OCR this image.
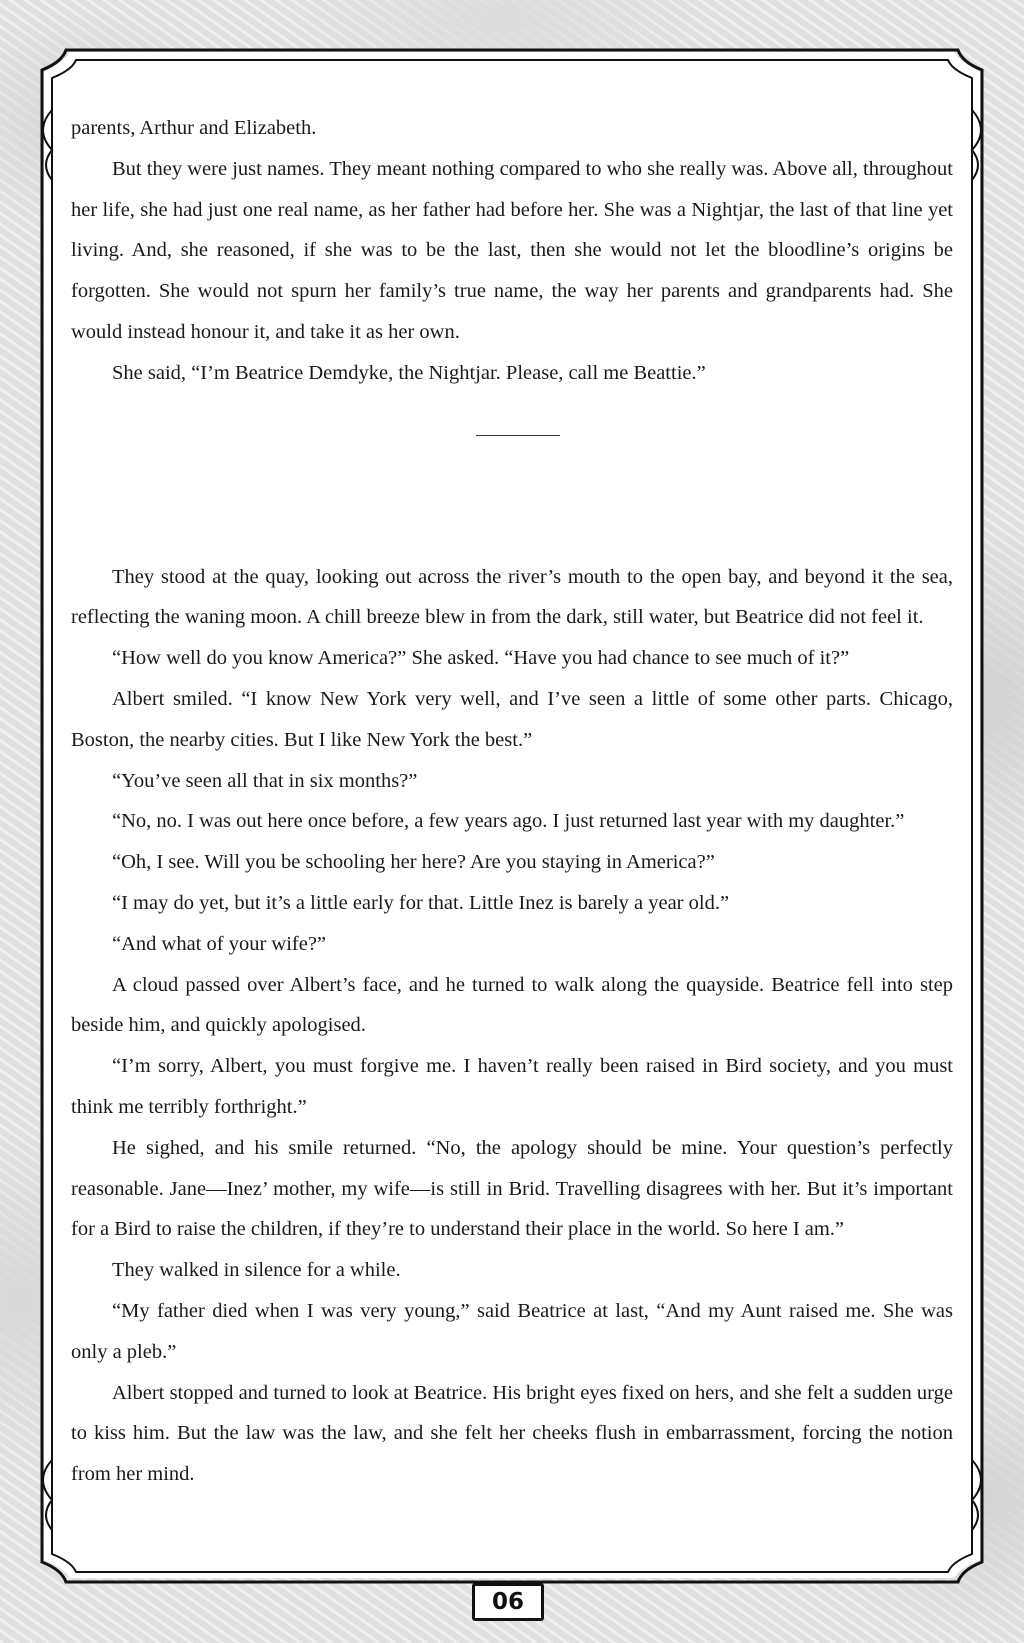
parents, Arthur and Elizabeth.

But they were just names. They meant nothing compared to who she really was. Above all, throughout her life, she had just one real name, as her father had before her. She was a Nightjar, the last of that line yet living. And, she reasoned, if she was to be the last, then she would not let the bloodline’s origins be forgotten. She would not spurn her family’s true name, the way her parents and grandparents had. She would instead honour it, and take it as her own.

She said, “I’m Beatrice Demdyke, the Nightjar. Please, call me Beattie.”

They stood at the quay, looking out across the river’s mouth to the open bay, and beyond it the sea, reflecting the waning moon. A chill breeze blew in from the dark, still water, but Beatrice did not feel it.

“How well do you know America?” She asked. “Have you had chance to see much of it?”

Albert smiled. “I know New York very well, and I’ve seen a little of some other parts. Chicago, Boston, the nearby cities. But I like New York the best.”

“You’ve seen all that in six months?”

“No, no. I was out here once before, a few years ago. I just returned last year with my daughter.”

“Oh, I see. Will you be schooling her here? Are you staying in America?”

“I may do yet, but it’s a little early for that. Little Inez is barely a year old.”

“And what of your wife?”

A cloud passed over Albert’s face, and he turned to walk along the quayside. Beatrice fell into step beside him, and quickly apologised.

“I’m sorry, Albert, you must forgive me. I haven’t really been raised in Bird society, and you must think me terribly forthright.”

He sighed, and his smile returned. “No, the apology should be mine. Your question’s perfectly reasonable. Jane—Inez’ mother, my wife—is still in Brid. Travelling disagrees with her. But it’s important for a Bird to raise the children, if they’re to understand their place in the world. So here I am.”

They walked in silence for a while.

“My father died when I was very young,” said Beatrice at last, “And my Aunt raised me. She was only a pleb.”

Albert stopped and turned to look at Beatrice. His bright eyes fixed on hers, and she felt a sudden urge to kiss him. But the law was the law, and she felt her cheeks flush in embarrassment, forcing the notion from her mind.

06
